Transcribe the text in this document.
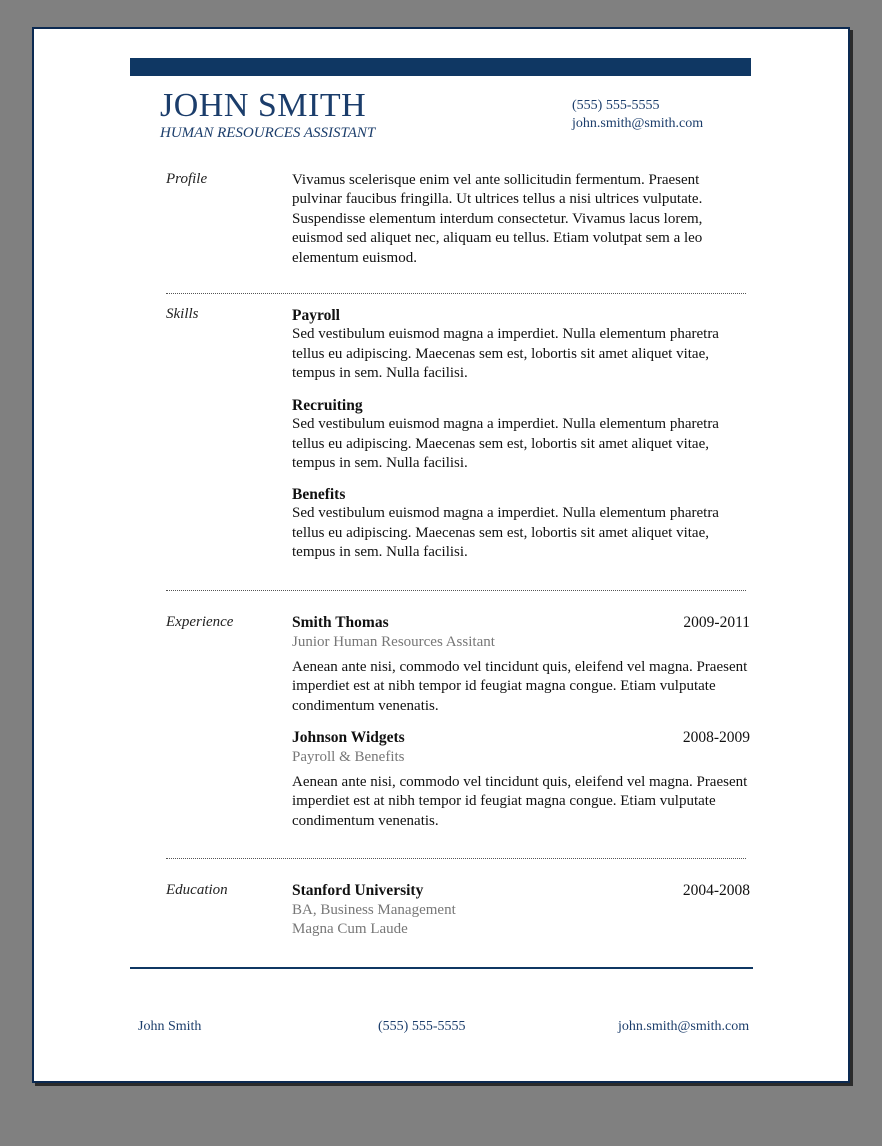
JOHN SMITH
HUMAN RESOURCES ASSISTANT
(555) 555-5555
john.smith@smith.com
Profile	Vivamus scelerisque enim vel ante sollicitudin fermentum. Praesent pulvinar faucibus fringilla. Ut ultrices tellus a nisi ultrices vulputate. Suspendisse elementum interdum consectetur. Vivamus lacus lorem, euismod sed aliquet nec, aliquam eu tellus. Etiam volutpat sem a leo elementum euismod.
Skills	Payroll
Sed vestibulum euismod magna a imperdiet. Nulla elementum pharetra tellus eu adipiscing. Maecenas sem est, lobortis sit amet aliquet vitae, tempus in sem. Nulla facilisi.
Recruiting
Sed vestibulum euismod magna a imperdiet. Nulla elementum pharetra tellus eu adipiscing. Maecenas sem est, lobortis sit amet aliquet vitae, tempus in sem. Nulla facilisi.
Benefits
Sed vestibulum euismod magna a imperdiet. Nulla elementum pharetra tellus eu adipiscing. Maecenas sem est, lobortis sit amet aliquet vitae, tempus in sem. Nulla facilisi.
Experience	Smith Thomas	2009-2011
Junior Human Resources Assitant
Aenean ante nisi, commodo vel tincidunt quis, eleifend vel magna. Praesent imperdiet est at nibh tempor id feugiat magna congue. Etiam vulputate condimentum venenatis.
Johnson Widgets	2008-2009
Payroll & Benefits
Aenean ante nisi, commodo vel tincidunt quis, eleifend vel magna. Praesent imperdiet est at nibh tempor id feugiat magna congue. Etiam vulputate condimentum venenatis.
Education	Stanford University	2004-2008
BA, Business Management
Magna Cum Laude
John Smith	(555) 555-5555	john.smith@smith.com
